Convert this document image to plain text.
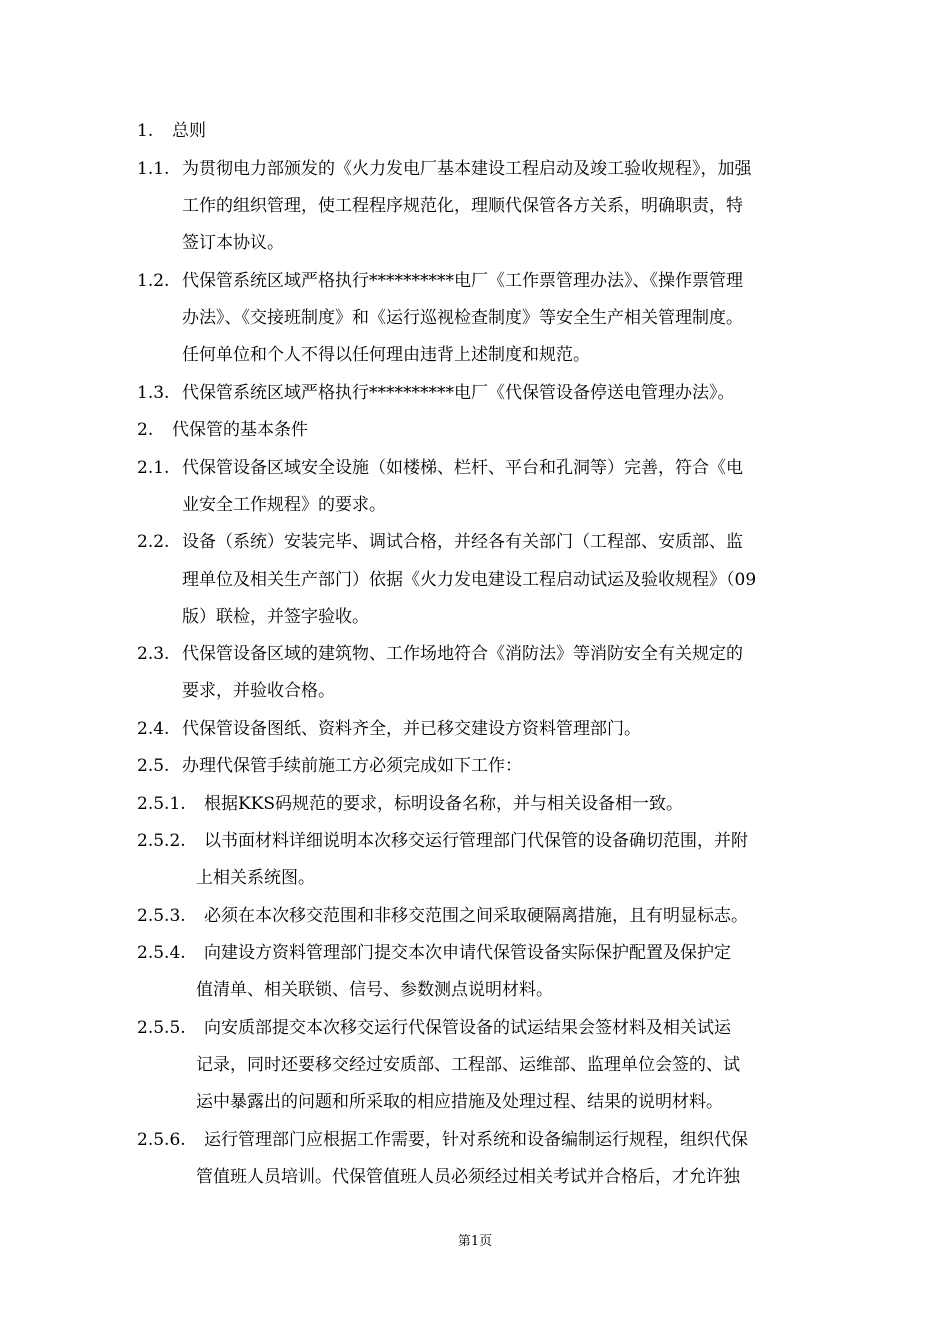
1. 总则
1.1. 为贯彻电力部颁发的《火力发电厂基本建设工程启动及竣工验收规程》，加强
工作的组织管理，使工程程序规范化，理顺代保管各方关系，明确职责，特
签订本协议。
1.2. 代保管系统区域严格执行**********电厂《工作票管理办法》、《操作票管理
办法》、《交接班制度》和《运行巡视检查制度》等安全生产相关管理制度。
任何单位和个人不得以任何理由违背上述制度和规范。
1.3. 代保管系统区域严格执行**********电厂《代保管设备停送电管理办法》。
2. 代保管的基本条件
2.1. 代保管设备区域安全设施（如楼梯、栏杆、平台和孔洞等）完善，符合《电
业安全工作规程》的要求。
2.2. 设备（系统）安装完毕、调试合格，并经各有关部门（工程部、安质部、监
理单位及相关生产部门）依据《火力发电建设工程启动试运及验收规程》（09
版）联检，并签字验收。
2.3. 代保管设备区域的建筑物、工作场地符合《消防法》等消防安全有关规定的
要求，并验收合格。
2.4. 代保管设备图纸、资料齐全，并已移交建设方资料管理部门。
2.5. 办理代保管手续前施工方必须完成如下工作：
2.5.1. 根据KKS码规范的要求，标明设备名称，并与相关设备相一致。
2.5.2. 以书面材料详细说明本次移交运行管理部门代保管的设备确切范围，并附
上相关系统图。
2.5.3. 必须在本次移交范围和非移交范围之间采取硬隔离措施，且有明显标志。
2.5.4. 向建设方资料管理部门提交本次申请代保管设备实际保护配置及保护定
值清单、相关联锁、信号、参数测点说明材料。
2.5.5. 向安质部提交本次移交运行代保管设备的试运结果会签材料及相关试运
记录，同时还要移交经过安质部、工程部、运维部、监理单位会签的、试
运中暴露出的问题和所采取的相应措施及处理过程、结果的说明材料。
2.5.6. 运行管理部门应根据工作需要，针对系统和设备编制运行规程，组织代保
管值班人员培训。代保管值班人员必须经过相关考试并合格后，才允许独
第1页
